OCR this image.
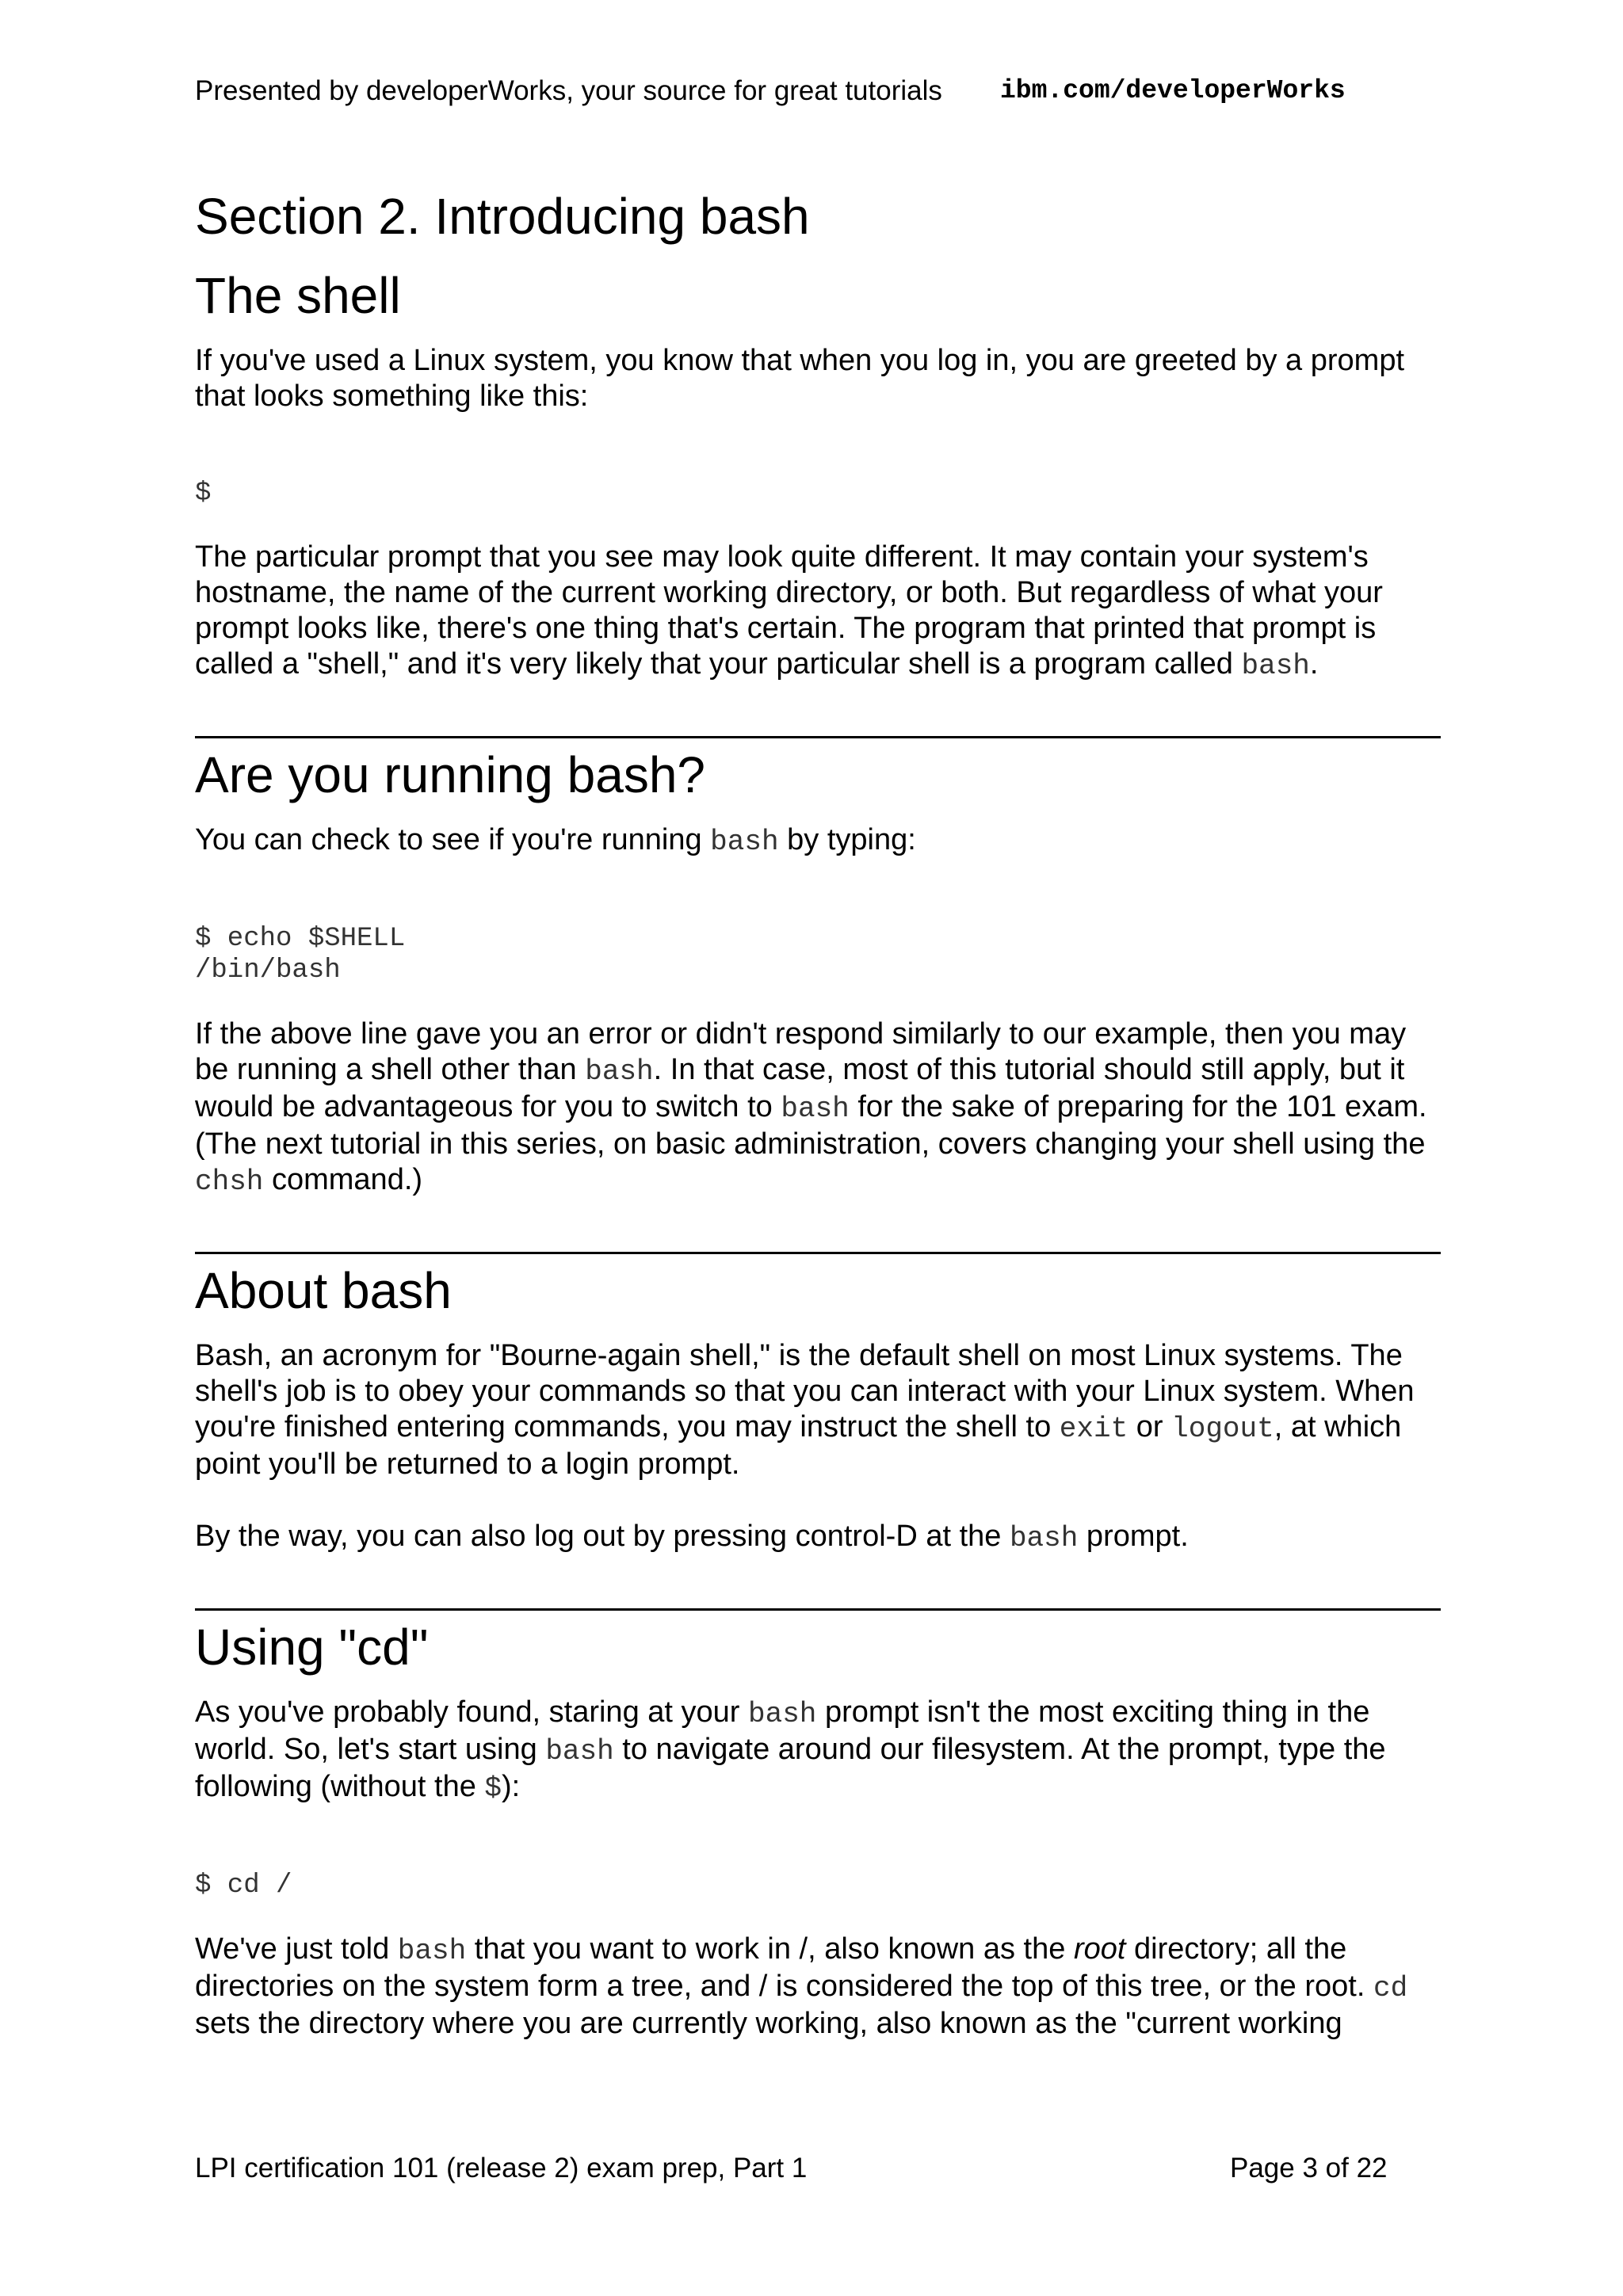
Presented by developerWorks, your source for great tutorials ibm.com/developerWorks
Section 2. Introducing bash
The shell

If you've used a Linux system, you know that when you log in, you are greeted by a prompt that looks something like this:

$

The particular prompt that you see may look quite different. It may contain your system's hostname, the name of the current working directory, or both. But regardless of what your prompt looks like, there's one thing that's certain. The program that printed that prompt is called a "shell," and it's very likely that your particular shell is a program called bash.

Are you running bash?

You can check to see if you're running bash by typing:

$ echo $SHELL
/bin/bash

If the above line gave you an error or didn't respond similarly to our example, then you may be running a shell other than bash. In that case, most of this tutorial should still apply, but it would be advantageous for you to switch to bash for the sake of preparing for the 101 exam. (The next tutorial in this series, on basic administration, covers changing your shell using the chsh command.)

About bash

Bash, an acronym for "Bourne-again shell," is the default shell on most Linux systems. The shell's job is to obey your commands so that you can interact with your Linux system. When you're finished entering commands, you may instruct the shell to exit or logout, at which point you'll be returned to a login prompt.

By the way, you can also log out by pressing control-D at the bash prompt.

Using "cd"

As you've probably found, staring at your bash prompt isn't the most exciting thing in the world. So, let's start using bash to navigate around our filesystem. At the prompt, type the following (without the $):

$ cd /

We've just told bash that you want to work in /, also known as the root directory; all the directories on the system form a tree, and / is considered the top of this tree, or the root. cd sets the directory where you are currently working, also known as the "current working

LPI certification 101 (release 2) exam prep, Part 1	Page 3 of 22
